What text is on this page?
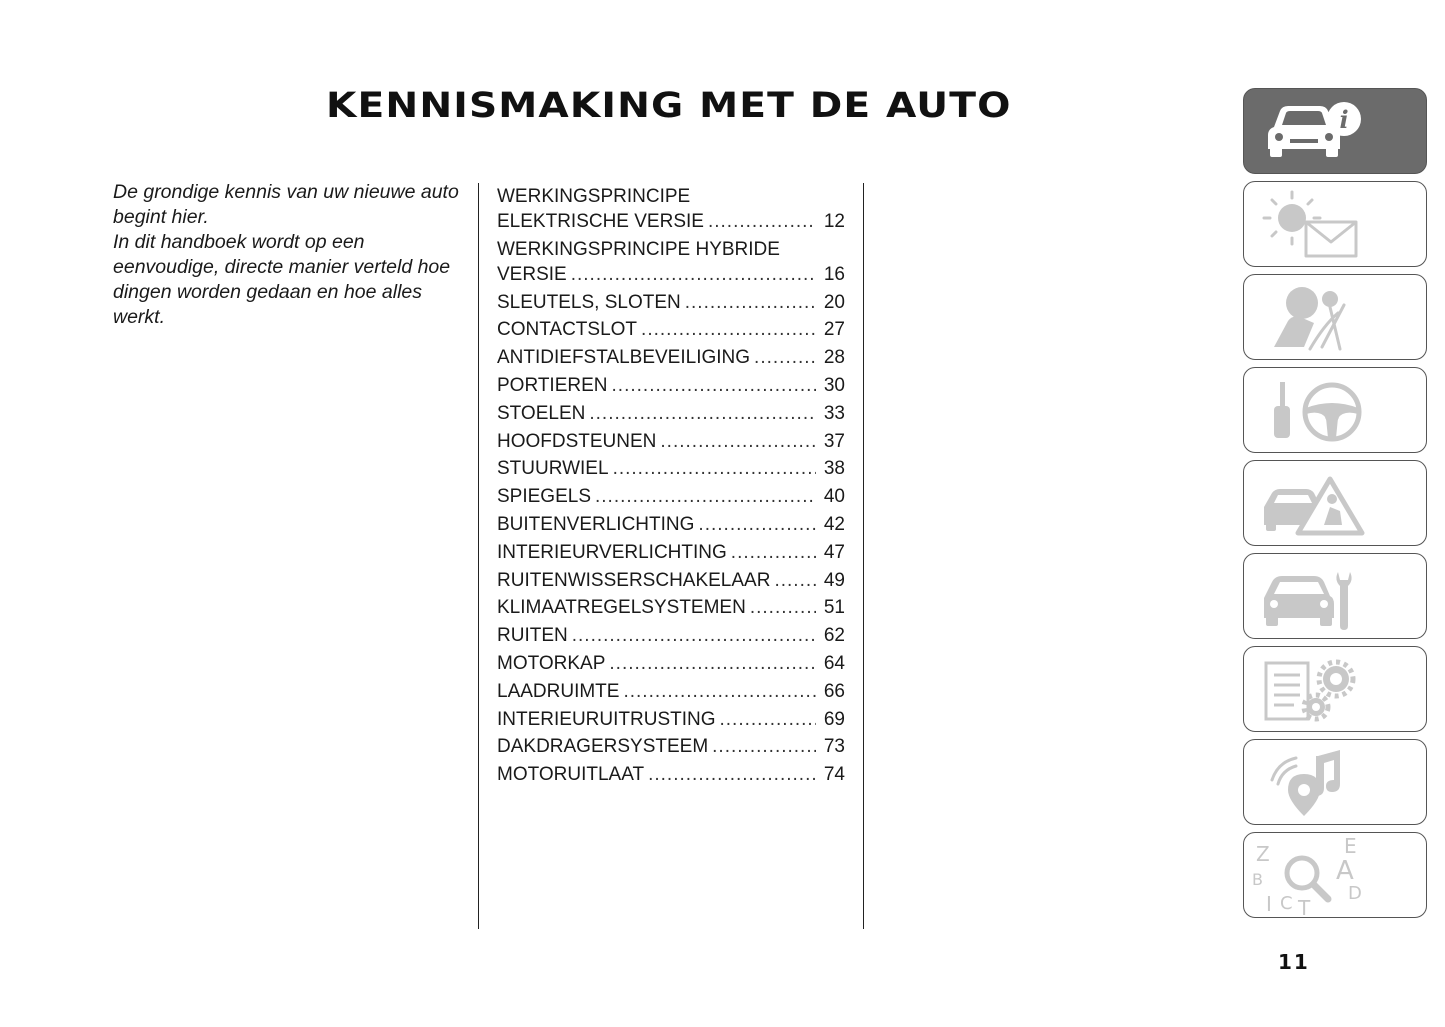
KENNISMAKING MET DE AUTO

De grondige kennis van uw nieuwe auto begint hier.

In dit handboek wordt op een eenvoudige, directe manier verteld hoe dingen worden gedaan en hoe alles werkt.

WERKINGSPRINCIPE
ELEKTRISCHE VERSIE .....	12
WERKINGSPRINCIPE HYBRIDE
VERSIE .....	16
SLEUTELS, SLOTEN .....	20
CONTACTSLOT .....	27
ANTIDIEFSTALBEVEILIGING .....	28
PORTIEREN .....	30
STOELEN .....	33
HOOFDSTEUNEN .....	37
STUURWIEL .....	38
SPIEGELS .....	40
BUITENVERLICHTING .....	42
INTERIEURVERLICHTING .....	47
RUITENWISSERSCHAKELAAR .....	49
KLIMAATREGELSYSTEMEN .....	51
RUITEN .....	62
MOTORKAP .....	64
LAADRUIMTE .....	66
INTERIEURUITRUSTING .....	69
DAKDRAGERSYSTEEM .....	73
MOTORUITLAAT .....	74
i
Z	E
B	A
I C T
D
11
